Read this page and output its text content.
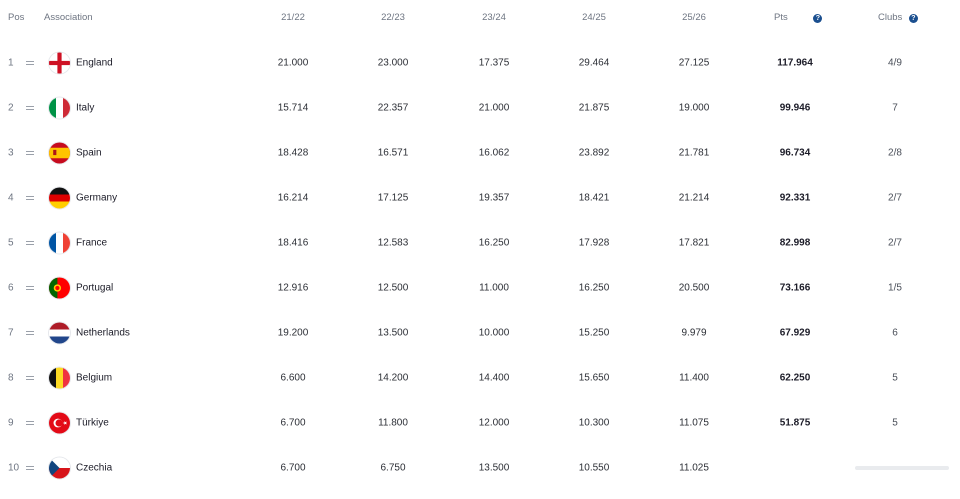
Pos Association	21/22	22/23	23/24	24/25	25/26	Pts	?	Clubs ?
1	England	21.000	23.000	17.375	29.464	27.125	117.964	4/9
2	Italy	15.714	22.357	21.000	21.875	19.000	99.946	7
3	Spain	18.428	16.571	16.062	23.892	21.781	96.734	2/8
4	Germany	16.214	17.125	19.357	18.421	21.214	92.331	2/7
5	France	18.416	12.583	16.250	17.928	17.821	82.998	2/7
6	Portugal	12.916	12.500	11.000	16.250	20.500	73.166	1/5
7	Netherlands	19.200	13.500	10.000	15.250	9.979	67.929	6
8	Belgium	6.600	14.200	14.400	15.650	11.400	62.250	5
9	Türkiye	6.700	11.800	12.000	10.300	11.075	51.875	5
10	Czechia	6.700	6.750	13.500	10.550	11.025
